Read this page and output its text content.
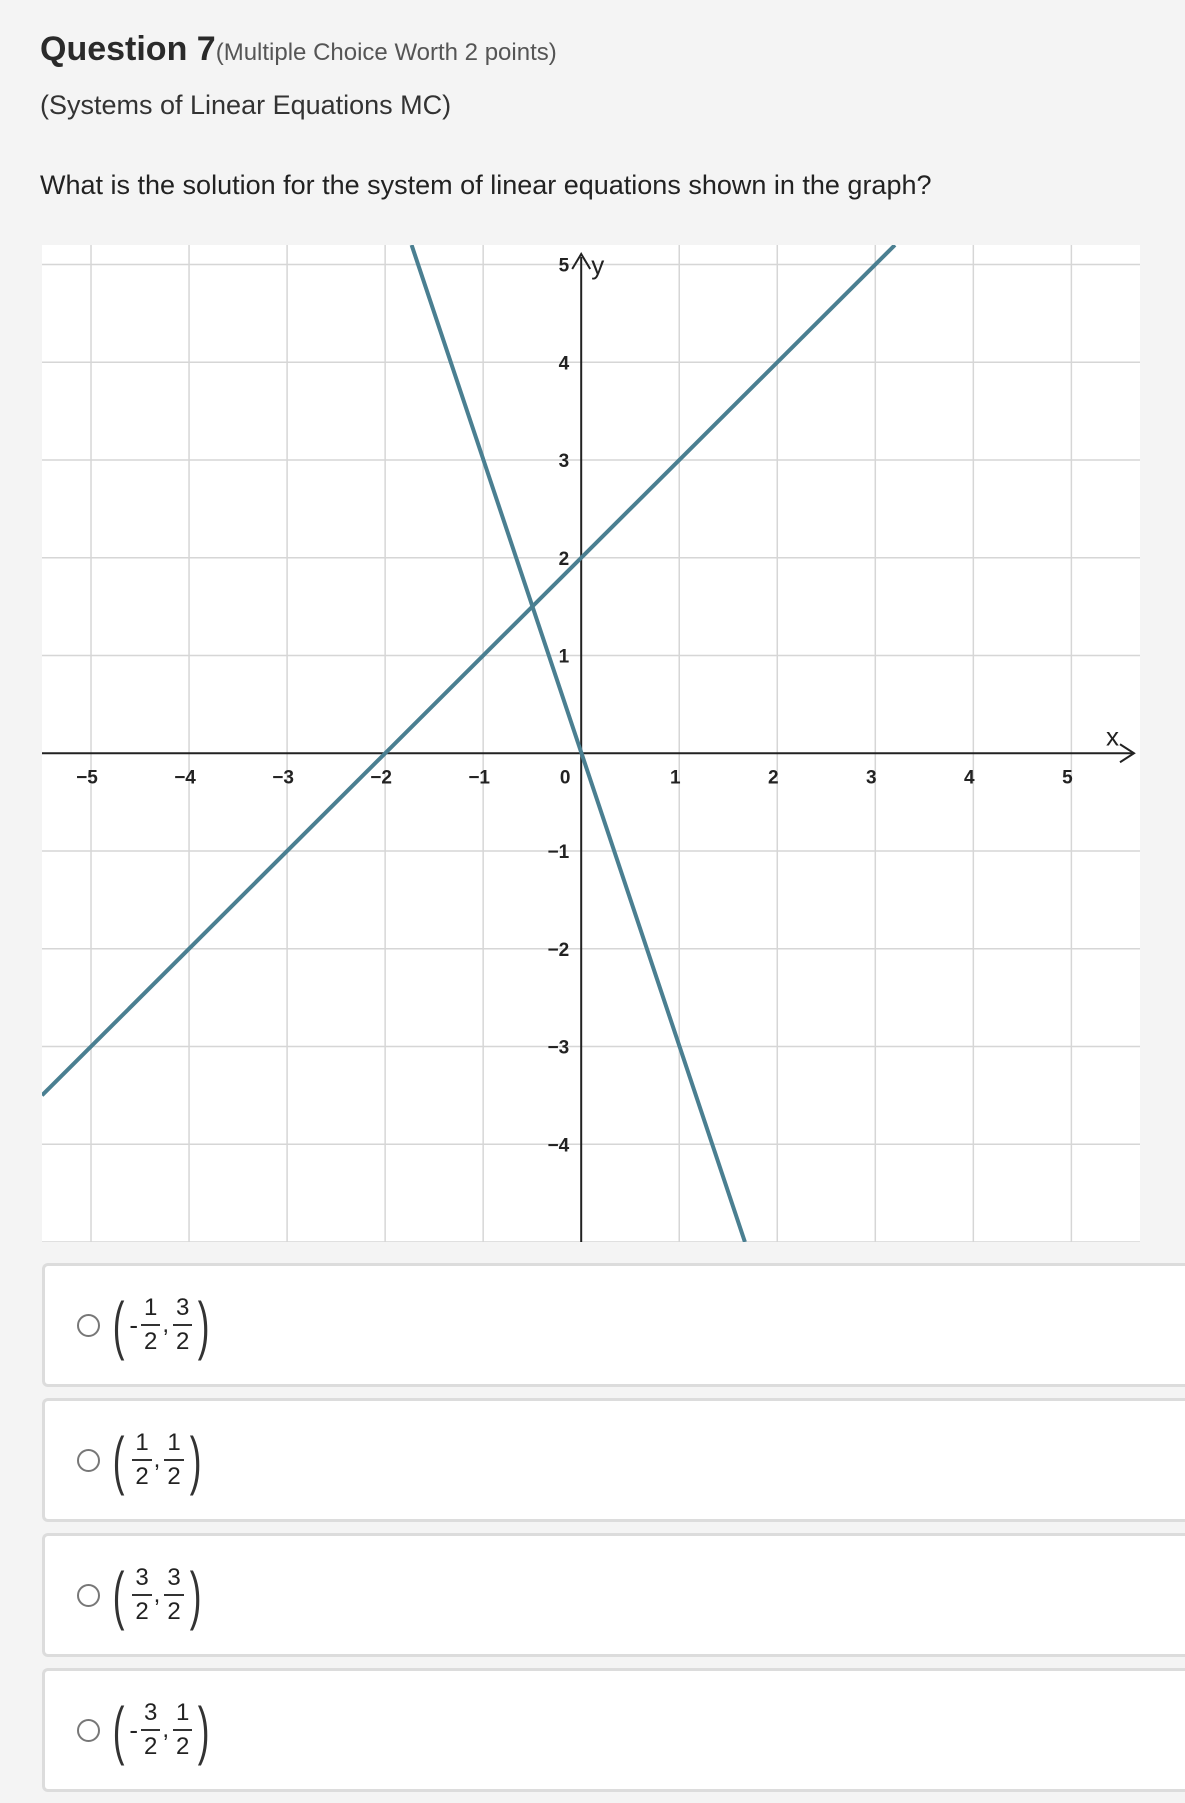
Question 7(Multiple Choice Worth 2 points)
(Systems of Linear Equations MC)
What is the solution for the system of linear equations shown in the graph?
x
y
−5	−4	−3	−2	−1	0	1	2	3	4	5
5
4
3
2
1
−1
−2
−3
−4
( - $\frac{1}{2}$ , $\frac{3}{2}$ )
( $\frac{1}{2}$ , $\frac{1}{2}$ )
( $\frac{3}{2}$ , $\frac{3}{2}$ )
( - $\frac{3}{2}$ , $\frac{1}{2}$ )
